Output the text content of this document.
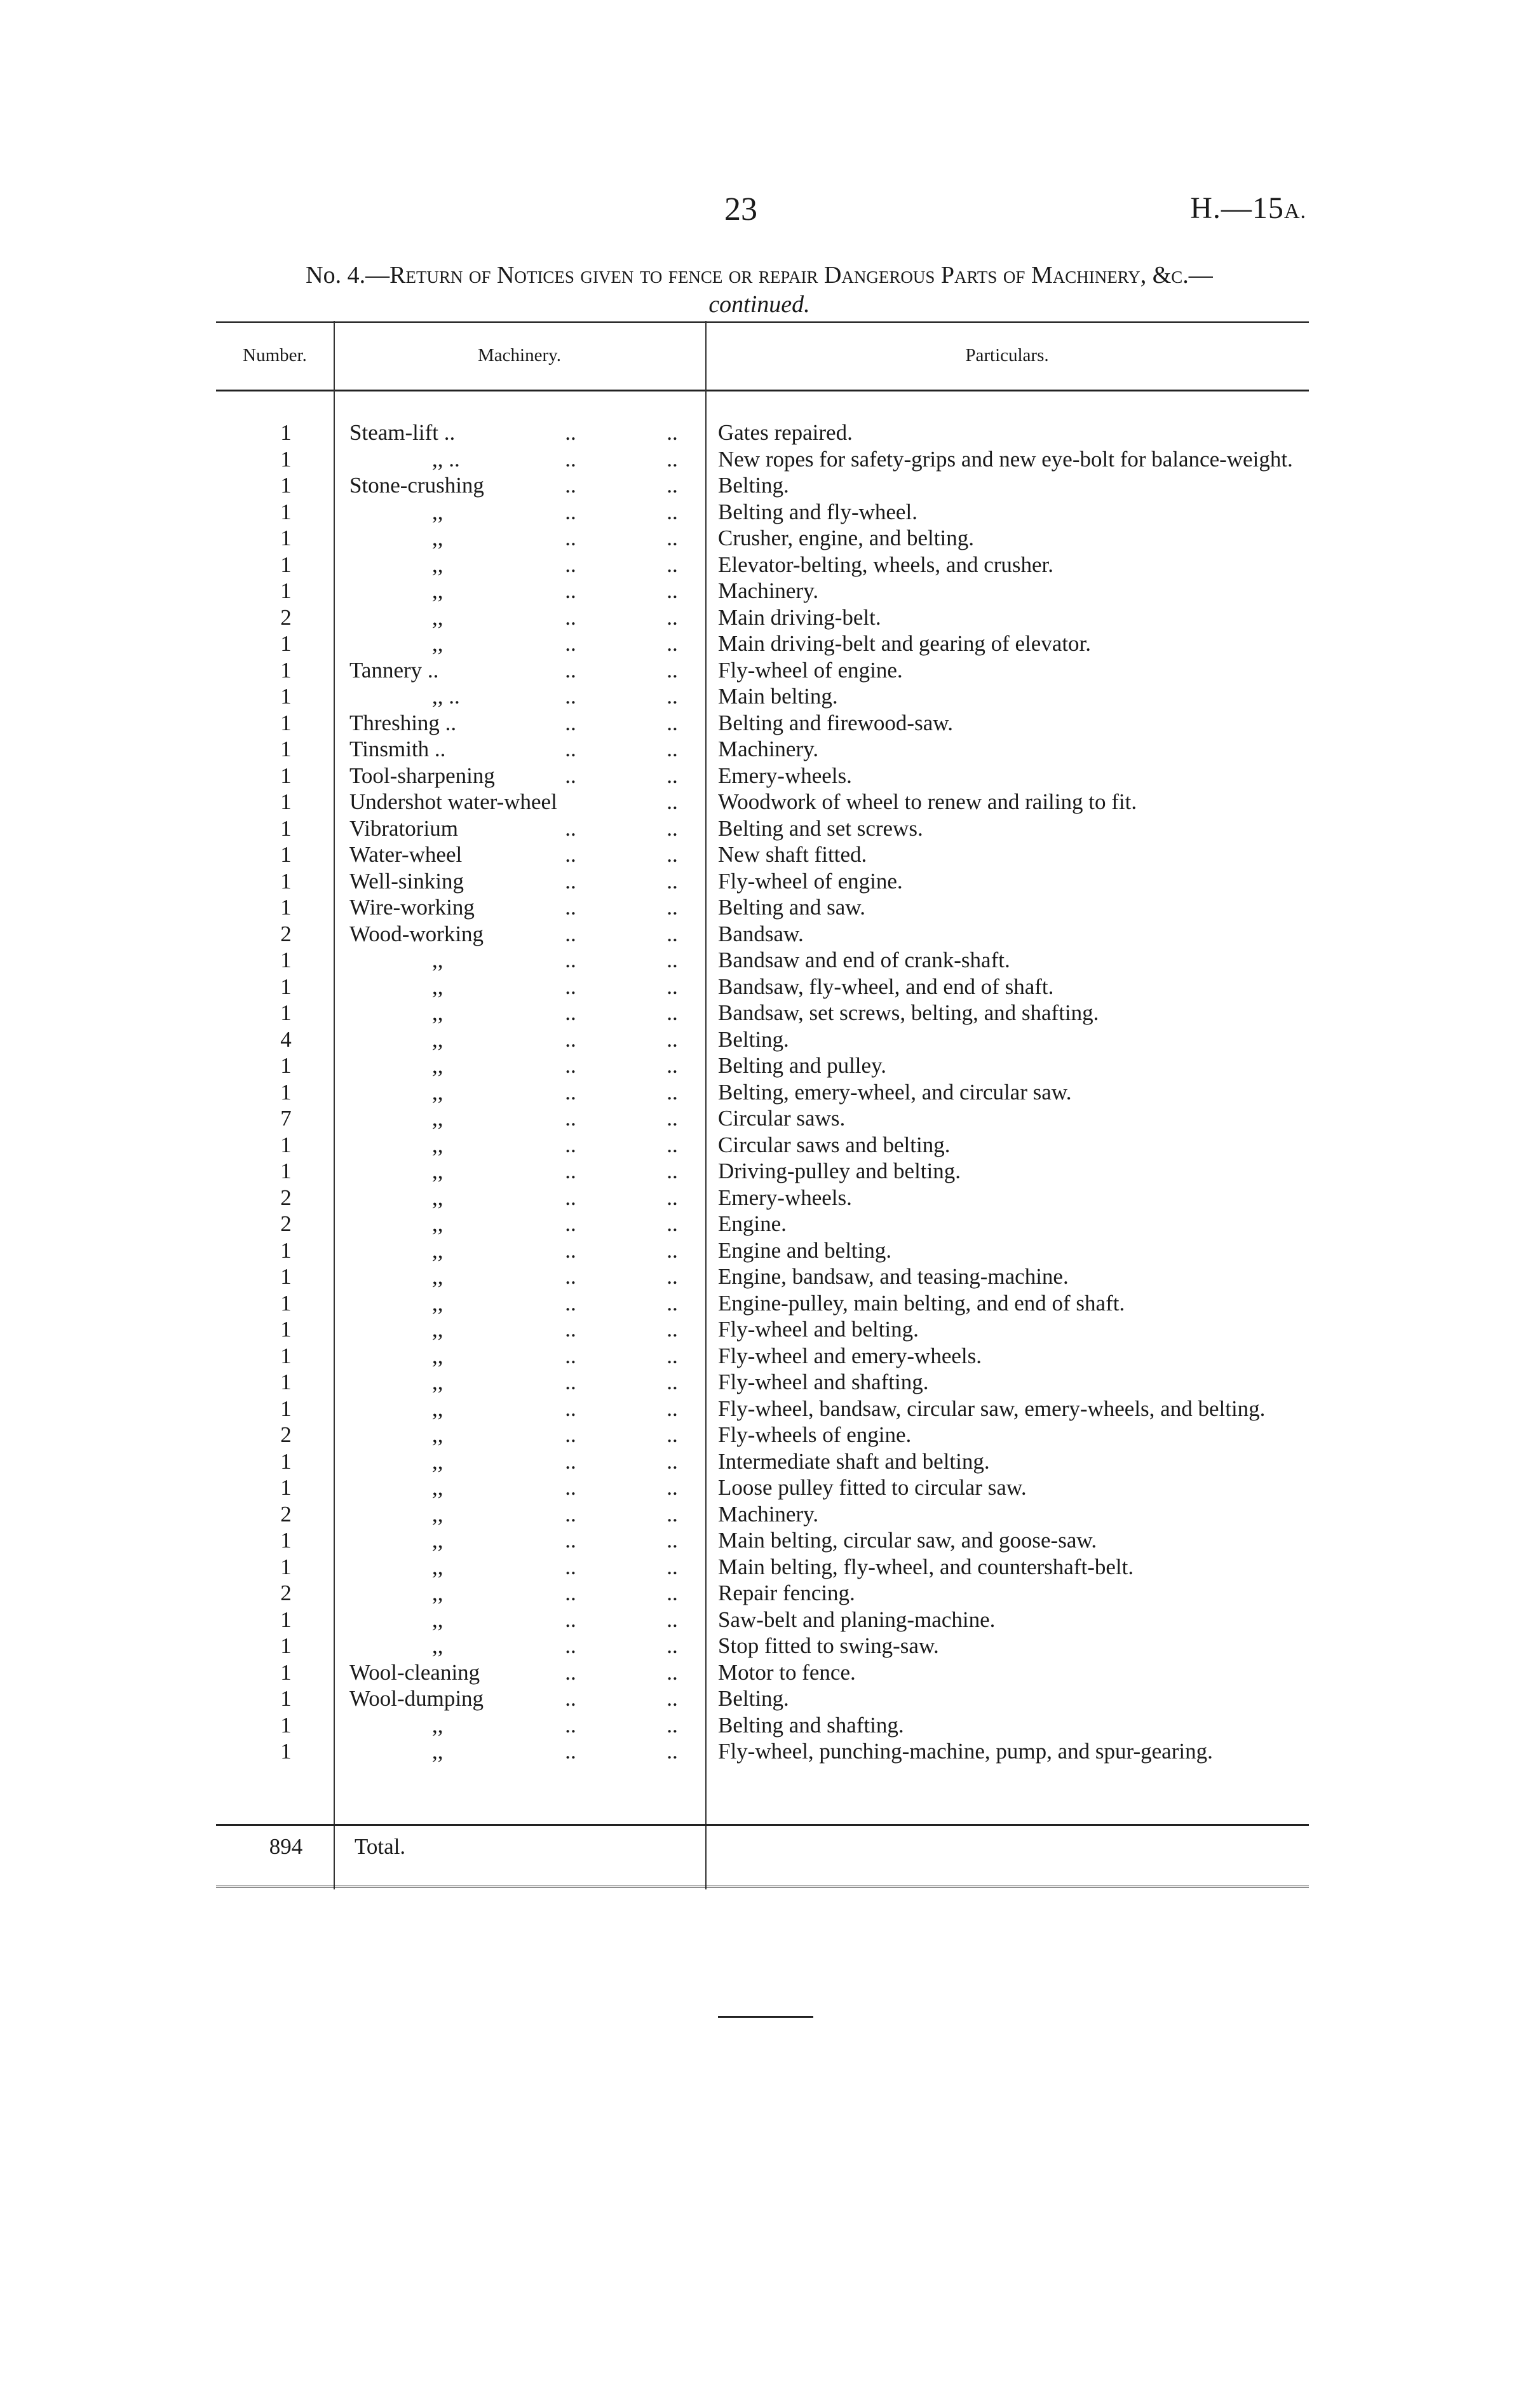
23	H.—15A.
No. 4.—Return of Notices given to fence or repair Dangerous Parts of Machinery, &c.—
continued.
Number.	Machinery.	Particulars.
1	Steam-lift ..	..	..	Gates repaired.
1	,, ..	..	..	New ropes for safety-grips and new eye-bolt for balance-weight.
1	Stone-crushing	..	..	Belting.
1	,,	..	..	Belting and fly-wheel.
1	,,	..	..	Crusher, engine, and belting.
1	,,	..	..	Elevator-belting, wheels, and crusher.
1	,,	..	..	Machinery.
2	,,	..	..	Main driving-belt.
1	,,	..	..	Main driving-belt and gearing of elevator.
1	Tannery ..	..	..	Fly-wheel of engine.
1	,, ..	..	..	Main belting.
1	Threshing ..	..	..	Belting and firewood-saw.
1	Tinsmith ..	..	..	Machinery.
1	Tool-sharpening	..	..	Emery-wheels.
1	Undershot water-wheel	..	Woodwork of wheel to renew and railing to fit.
1	Vibratorium	..	..	Belting and set screws.
1	Water-wheel	..	..	New shaft fitted.
1	Well-sinking	..	..	Fly-wheel of engine.
1	Wire-working	..	..	Belting and saw.
2	Wood-working	..	..	Bandsaw.
1	,,	..	..	Bandsaw and end of crank-shaft.
1	,,	..	..	Bandsaw, fly-wheel, and end of shaft.
1	,,	..	..	Bandsaw, set screws, belting, and shafting.
4	,,	..	..	Belting.
1	,,	..	..	Belting and pulley.
1	,,	..	..	Belting, emery-wheel, and circular saw.
7	,,	..	..	Circular saws.
1	,,	..	..	Circular saws and belting.
1	,,	..	..	Driving-pulley and belting.
2	,,	..	..	Emery-wheels.
2	,,	..	..	Engine.
1	,,	..	..	Engine and belting.
1	,,	..	..	Engine, bandsaw, and teasing-machine.
1	,,	..	..	Engine-pulley, main belting, and end of shaft.
1	,,	..	..	Fly-wheel and belting.
1	,,	..	..	Fly-wheel and emery-wheels.
1	,,	..	..	Fly-wheel and shafting.
1	,,	..	..	Fly-wheel, bandsaw, circular saw, emery-wheels, and belting.
2	,,	..	..	Fly-wheels of engine.
1	,,	..	..	Intermediate shaft and belting.
1	,,	..	..	Loose pulley fitted to circular saw.
2	,,	..	..	Machinery.
1	,,	..	..	Main belting, circular saw, and goose-saw.
1	,,	..	..	Main belting, fly-wheel, and countershaft-belt.
2	,,	..	..	Repair fencing.
1	,,	..	..	Saw-belt and planing-machine.
1	,,	..	..	Stop fitted to swing-saw.
1	Wool-cleaning	..	..	Motor to fence.
1	Wool-dumping	..	..	Belting.
1	,,	..	..	Belting and shafting.
1	,,	..	..	Fly-wheel, punching-machine, pump, and spur-gearing.
894	Total.
